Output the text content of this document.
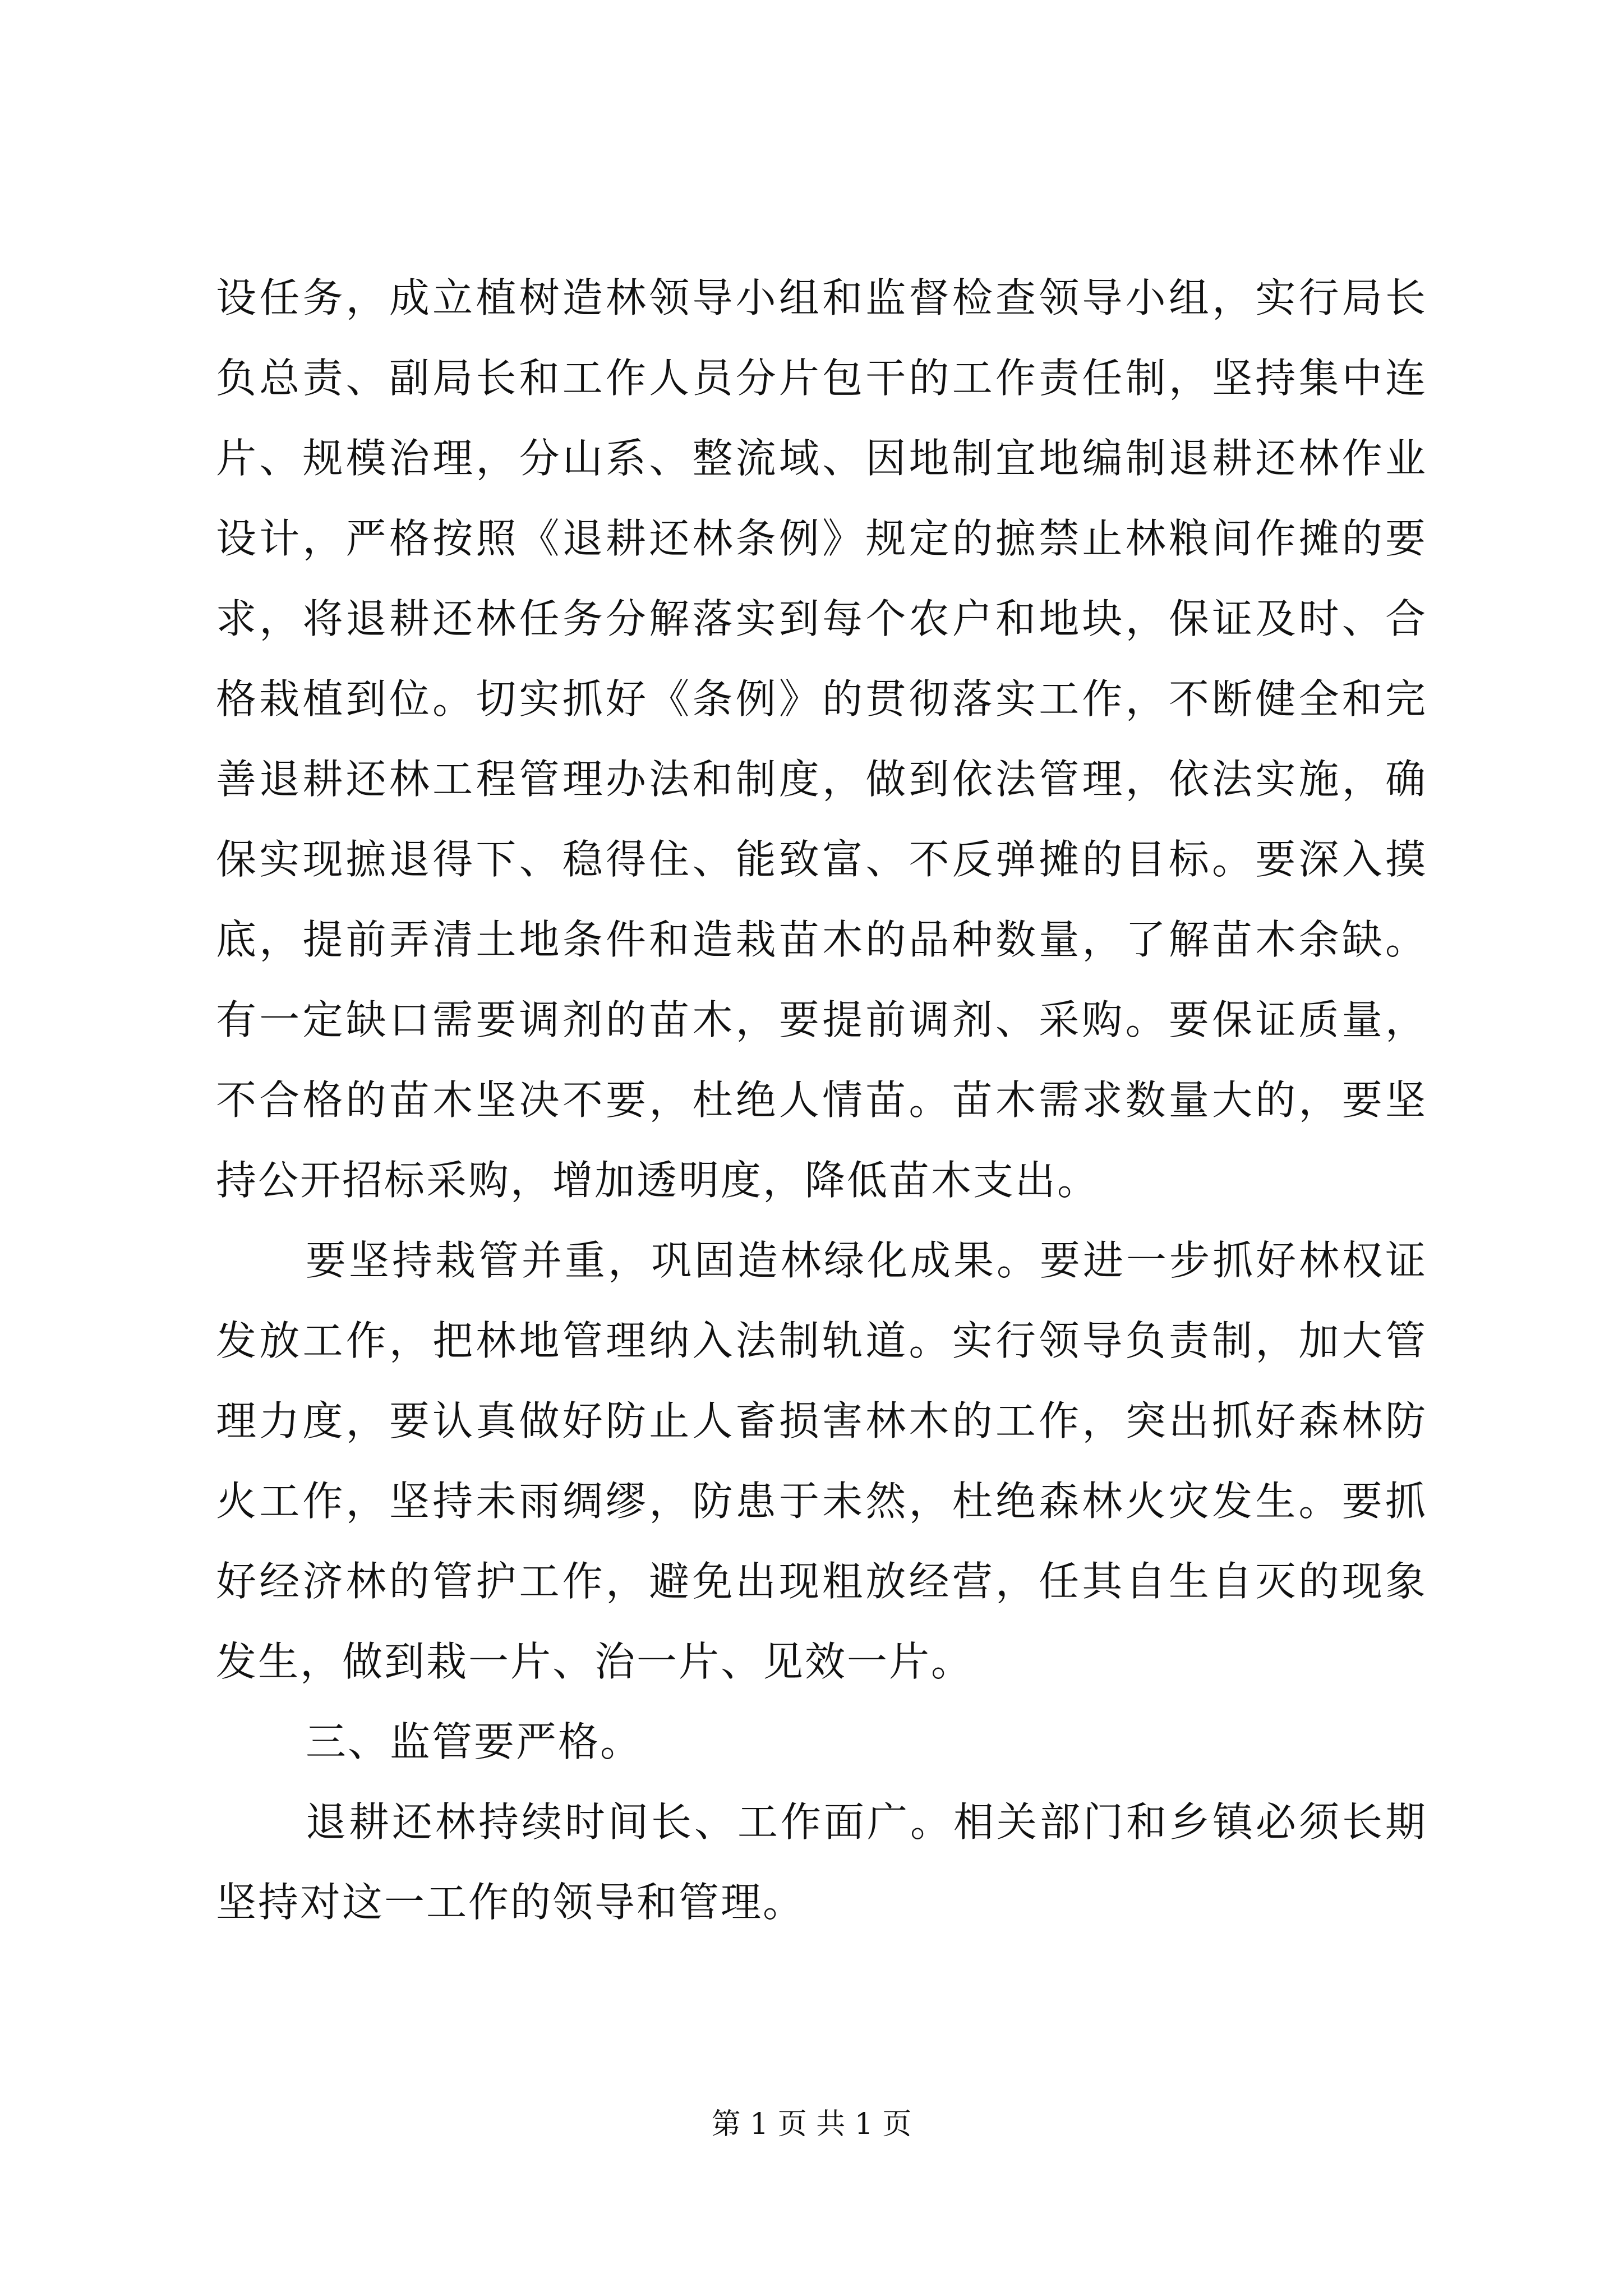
设任务，成立植树造林领导小组和监督检查领导小组，实行局长
负总责、副局长和工作人员分片包干的工作责任制，坚持集中连
片、规模治理，分山系、整流域、因地制宜地编制退耕还林作业
设计，严格按照《退耕还林条例》规定的摭禁止林粮间作摊的要
求，将退耕还林任务分解落实到每个农户和地块，保证及时、合
格栽植到位。切实抓好《条例》的贯彻落实工作，不断健全和完
善退耕还林工程管理办法和制度，做到依法管理，依法实施，确
保实现摭退得下、稳得住、能致富、不反弹摊的目标。要深入摸
底，提前弄清土地条件和造栽苗木的品种数量，了解苗木余缺。
有一定缺口需要调剂的苗木，要提前调剂、采购。要保证质量，
不合格的苗木坚决不要，杜绝人情苗。苗木需求数量大的，要坚
持公开招标采购，增加透明度，降低苗木支出。
要坚持栽管并重，巩固造林绿化成果。要进一步抓好林权证
发放工作，把林地管理纳入法制轨道。实行领导负责制，加大管
理力度，要认真做好防止人畜损害林木的工作，突出抓好森林防
火工作，坚持未雨绸缪，防患于未然，杜绝森林火灾发生。要抓
好经济林的管护工作，避免出现粗放经营，任其自生自灭的现象
发生，做到栽一片、治一片、见效一片。
三、监管要严格。
退耕还林持续时间长、工作面广。相关部门和乡镇必须长期
坚持对这一工作的领导和管理。
第 1 页 共 1 页
